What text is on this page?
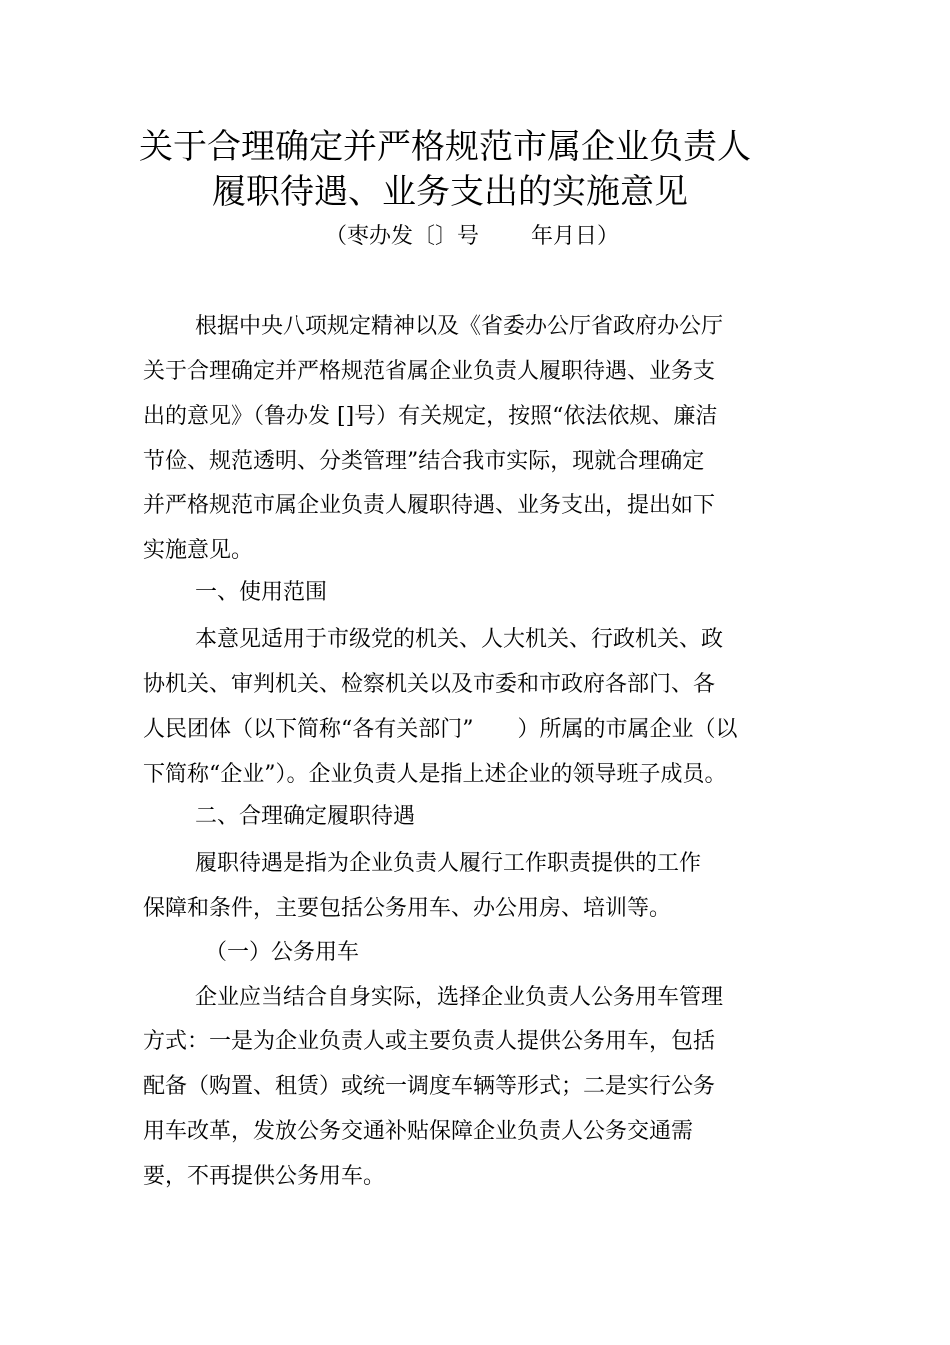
关于合理确定并严格规范市属企业负责人
履职待遇、业务支出的实施意见
（枣办发〔〕号 年月日）
根据中央八项规定精神以及《省委办公厅省政府办公厅
关于合理确定并严格规范省属企业负责人履职待遇、业务支
出的意见》（鲁办发 []号）有关规定，按照“依法依规、廉洁
节俭、规范透明、分类管理”结合我市实际，现就合理确定
并严格规范市属企业负责人履职待遇、业务支出，提出如下
实施意见。
一、使用范围
本意见适用于市级党的机关、人大机关、行政机关、政
协机关、审判机关、检察机关以及市委和市政府各部门、各
人民团体（以下简称“各有关部门”　　）所属的市属企业（以
下简称“企业”）。企业负责人是指上述企业的领导班子成员。
二、合理确定履职待遇
履职待遇是指为企业负责人履行工作职责提供的工作
保障和条件，主要包括公务用车、办公用房、培训等。
（一）公务用车
企业应当结合自身实际，选择企业负责人公务用车管理
方式：一是为企业负责人或主要负责人提供公务用车，包括
配备（购置、租赁）或统一调度车辆等形式；二是实行公务
用车改革，发放公务交通补贴保障企业负责人公务交通需
要，不再提供公务用车。
